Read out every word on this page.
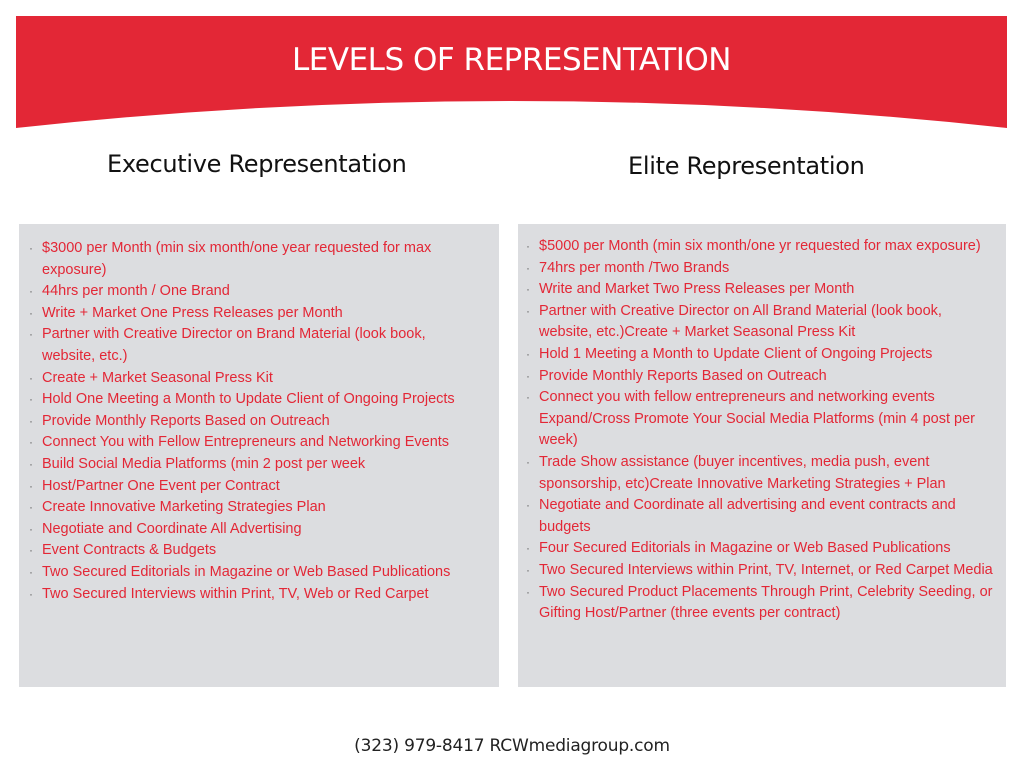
LEVELS OF REPRESENTATION
Executive Representation	Elite Representation
· $3000 per Month (min six month/one year requested for max exposure)
· 44hrs per month / One Brand
· Write + Market One Press Releases per Month
· Partner with Creative Director on Brand Material (look book, website, etc.)
· Create + Market Seasonal Press Kit
· Hold One Meeting a Month to Update Client of Ongoing Projects
· Provide Monthly Reports Based on Outreach
· Connect You with Fellow Entrepreneurs and Networking Events
· Build Social Media Platforms (min 2 post per week
· Host/Partner One Event per Contract
· Create Innovative Marketing Strategies Plan
· Negotiate and Coordinate All Advertising
· Event Contracts & Budgets
· Two Secured Editorials in Magazine or Web Based Publications
· Two Secured Interviews within Print, TV, Web or Red Carpet
· $5000 per Month (min six month/one yr requested for max exposure)
· 74hrs per month /Two Brands
· Write and Market Two Press Releases per Month
· Partner with Creative Director on All Brand Material (look book, website, etc.)Create + Market Seasonal Press Kit
· Hold 1 Meeting a Month to Update Client of Ongoing Projects
· Provide Monthly Reports Based on Outreach
· Connect you with fellow entrepreneurs and networking events Expand/Cross Promote Your Social Media Platforms (min 4 post per week)
· Trade Show assistance (buyer incentives, media push, event sponsorship, etc)Create Innovative Marketing Strategies + Plan
· Negotiate and Coordinate all advertising and event contracts and budgets
· Four Secured Editorials in Magazine or Web Based Publications
· Two Secured Interviews within Print, TV, Internet, or Red Carpet Media
· Two Secured Product Placements Through Print, Celebrity Seeding, or Gifting Host/Partner (three events per contract)
(323) 979-8417 RCWmediagroup.com
